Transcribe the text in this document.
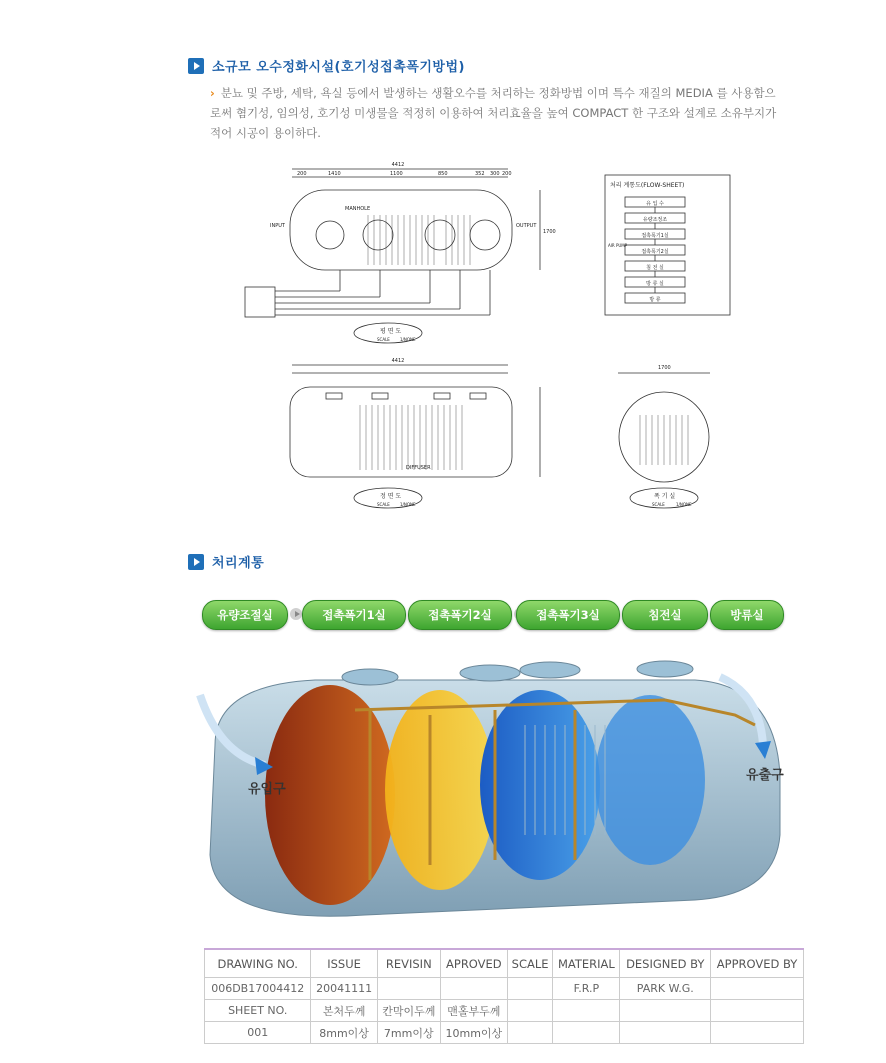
소규모 오수정화시설(호기성접촉폭기방법)
› 분뇨 및 주방, 세탁, 욕실 등에서 발생하는 생활오수를 처리하는 정화방법 이며 특수 재질의 MEDIA 를 사용함으로써 혐기성, 임의성, 호기성 미생물을 적정히 이용하여 처리효율을 높여 COMPACT 한 구조와 설계로 소유부지가 적어 시공이 용이하다.
4412
4412
200	1410	1100	850	352 300 200
1700
INPUT	OUTPUT
MANHOLE
DIFFUSER
1700
평 면 도
SCALE	1/NONE
정 면 도
SCALE	1/NONE
폭 기 실
SCALE	1/NONE
처리 계통도(FLOW-SHEET)
AIR PUMP
유 입 수
유량조정조
접촉폭기1실
접촉폭기2실
침 전 실
방 류 실
방 류
처리계통
유량조절실	접촉폭기1실	접촉폭기2실	접촉폭기3실	침전실	방류실
유입구
유출구
DRAWING NO.	ISSUE	REVISIN	APROVED	SCALE	MATERIAL	DESIGNED BY	APPROVED BY
006DB17004412	20041111				F.R.P	PARK W.G.	
SHEET NO.	본처두께	칸막이두께	맨홀부두께				
001	8mm이상	7mm이상	10mm이상				
